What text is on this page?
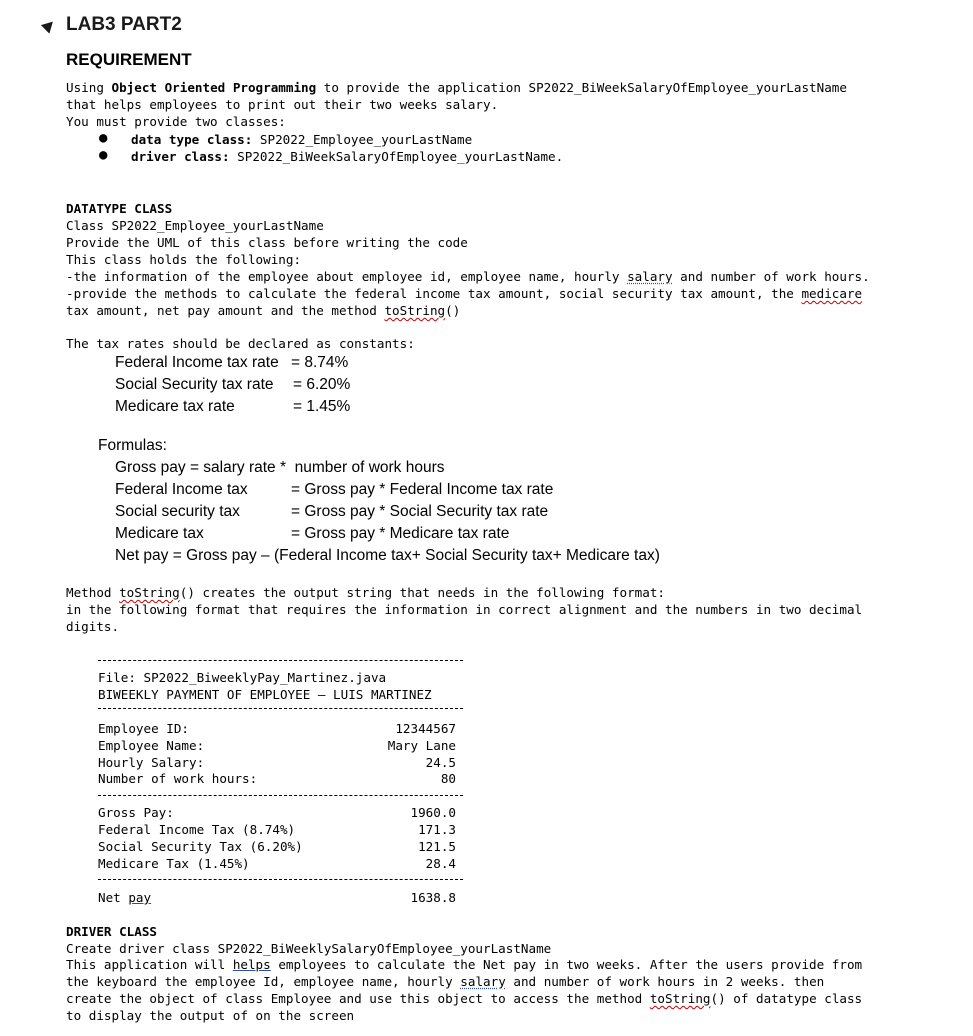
LAB3 PART2
REQUIREMENT
Using Object Oriented Programming to provide the application SP2022_BiWeekSalaryOfEmployee_yourLastName
that helps employees to print out their two weeks salary.
You must provide two classes:
● data type class: SP2022_Employee_yourLastName
● driver class: SP2022_BiWeekSalaryOfEmployee_yourLastName.
DATATYPE CLASS
Class SP2022_Employee_yourLastName
Provide the UML of this class before writing the code
This class holds the following:
-the information of the employee about employee id, employee name, hourly salary and number of work hours.
-provide the methods to calculate the federal income tax amount, social security tax amount, the medicare
tax amount, net pay amount and the method toString()
The tax rates should be declared as constants:
Federal Income tax rate = 8.74%
Social Security tax rate = 6.20%
Medicare tax rate	= 1.45%
Formulas:
Gross pay = salary rate *  number of work hours
Federal Income tax	= Gross pay * Federal Income tax rate
Social security tax	= Gross pay * Social Security tax rate
Medicare tax	= Gross pay * Medicare tax rate
Net pay = Gross pay – (Federal Income tax+ Social Security tax+ Medicare tax)
Method toString() creates the output string that needs in the following format:
in the following format that requires the information in correct alignment and the numbers in two decimal
digits.
File: SP2022_BiweeklyPay_Martinez.java
BIWEEKLY PAYMENT OF EMPLOYEE – LUIS MARTINEZ
Employee ID:	12344567
Employee Name:	Mary Lane
Hourly Salary:	24.5
Number of work hours:	80
Gross Pay:	1960.0
Federal Income Tax (8.74%)	171.3
Social Security Tax (6.20%)	121.5
Medicare Tax (1.45%)	28.4
Net pay	1638.8
DRIVER CLASS
Create driver class SP2022_BiWeeklySalaryOfEmployee_yourLastName
This application will helps employees to calculate the Net pay in two weeks. After the users provide from
the keyboard the employee Id, employee name, hourly salary and number of work hours in 2 weeks. then
create the object of class Employee and use this object to access the method toString() of datatype class
to display the output of on the screen
